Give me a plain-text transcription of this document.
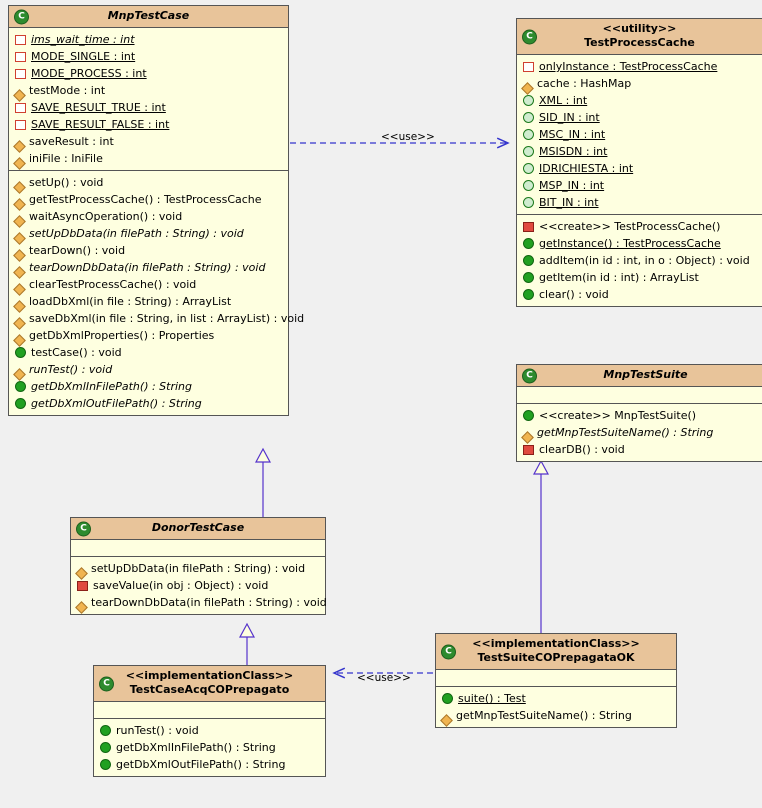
<<use>>
<<use>>
C
MnpTestCase
ims_wait_time : int
MODE_SINGLE : int
MODE_PROCESS : int
testMode : int
SAVE_RESULT_TRUE : int
SAVE_RESULT_FALSE : int
saveResult : int
iniFile : IniFile
setUp() : void
getTestProcessCache() : TestProcessCache
waitAsyncOperation() : void
setUpDbData(in filePath : String) : void
tearDown() : void
tearDownDbData(in filePath : String) : void
clearTestProcessCache() : void
loadDbXml(in file : String) : ArrayList
saveDbXml(in file : String, in list : ArrayList) : void
getDbXmlProperties() : Properties
testCase() : void
runTest() : void
getDbXmlInFilePath() : String
getDbXmlOutFilePath() : String
C
<<utility>>
TestProcessCache
onlyInstance : TestProcessCache
cache : HashMap
XML : int
SID_IN : int
MSC_IN : int
MSISDN : int
IDRICHIESTA : int
MSP_IN : int
BIT_IN : int
<<create>> TestProcessCache()
getInstance() : TestProcessCache
addItem(in id : int, in o : Object) : void
getItem(in id : int) : ArrayList
clear() : void
C
MnpTestSuite
<<create>> MnpTestSuite()
getMnpTestSuiteName() : String
clearDB() : void
C
DonorTestCase
setUpDbData(in filePath : String) : void
saveValue(in obj : Object) : void
tearDownDbData(in filePath : String) : void
C
<<implementationClass>>
TestCaseAcqCOPrepagato
runTest() : void
getDbXmlInFilePath() : String
getDbXmlOutFilePath() : String
C
<<implementationClass>>
TestSuiteCOPrepagataOK
suite() : Test
getMnpTestSuiteName() : String
